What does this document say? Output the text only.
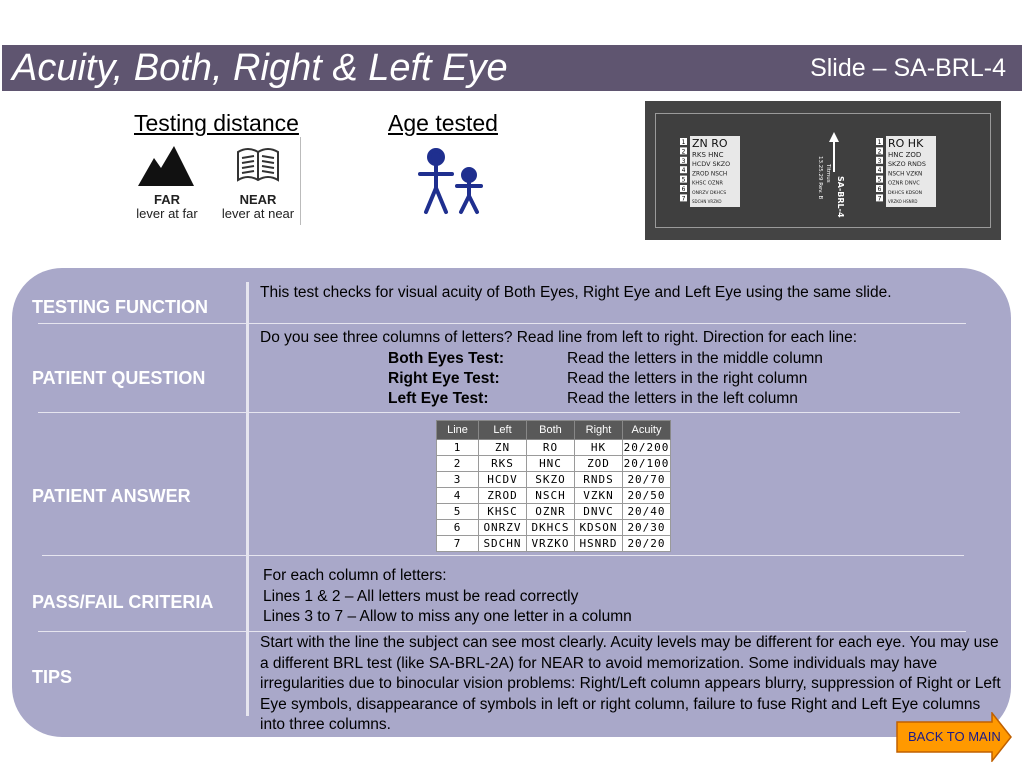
Acuity, Both, Right & Left Eye	Slide – SA-BRL-4
Testing distance	Age tested
FAR
lever at far
NEAR
lever at near
1
2
3
4
5
6
7
ZN RO
RKS HNC
HCDV SKZO
ZROD NSCH
KHSC OZNR
ONRZV DKHCS
SDCHN VRZKO
1
2
3
4
5
6
7
RO HK
HNC ZOD
SKZO RNDS
NSCH VZKN
OZNR DNVC
DKHCS KDSON
VRZKO HSNRD
SA-BRL-4
Titmus
13.25.29 Rev. B
TESTING FUNCTION
PATIENT QUESTION
PATIENT ANSWER
PASS/FAIL CRITERIA
TIPS
This test checks for visual acuity of Both Eyes, Right Eye and Left Eye using the same slide.
Do you see three columns of letters? Read line from left to right. Direction for each line:
Both Eyes Test:	Read the letters in the middle column
Right Eye Test:	Read the letters in the right column
Left Eye Test:	Read the letters in the left column
Line	Left	Both	Right	Acuity
1	ZN	RO	HK	20/200
2	RKS	HNC	ZOD	20/100
3	HCDV	SKZO	RNDS	20/70
4	ZROD	NSCH	VZKN	20/50
5	KHSC	OZNR	DNVC	20/40
6	ONRZV	DKHCS	KDSON	20/30
7	SDCHN	VRZKO	HSNRD	20/20
For each column of letters:
Lines 1 & 2 – All letters must be read correctly
Lines 3 to 7 – Allow to miss any one letter in a column
Start with the line the subject can see most clearly. Acuity levels may be different for each eye. You may use a different BRL test (like SA-BRL-2A) for NEAR to avoid memorization. Some individuals may have irregularities due to binocular vision problems: Right/Left column appears blurry, suppression of Right or Left Eye symbols, disappearance of symbols in left or right column, failure to fuse Right and Left Eye columns into three columns.
BACK TO MAIN
